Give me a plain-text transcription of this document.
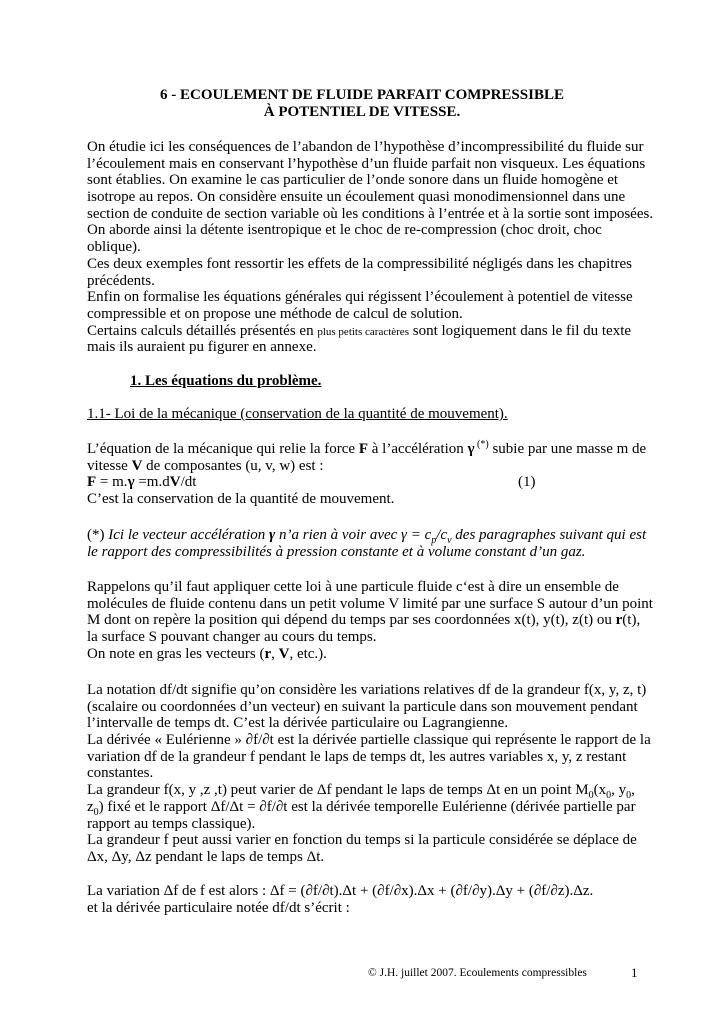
6 - ECOULEMENT DE FLUIDE PARFAIT COMPRESSIBLE
À POTENTIEL DE VITESSE.
On étudie ici les conséquences de l’abandon de l’hypothèse d’incompressibilité du fluide sur
l’écoulement mais en conservant l’hypothèse d’un fluide parfait non visqueux. Les équations
sont établies. On examine le cas particulier de l’onde sonore dans un fluide homogène et
isotrope au repos. On considère ensuite un écoulement quasi monodimensionnel dans une
section de conduite de section variable où les conditions à l’entrée et à la sortie sont imposées.
On aborde ainsi la détente isentropique et le choc de re-compression (choc droit, choc
oblique).
Ces deux exemples font ressortir les effets de la compressibilité négligés dans les chapitres
précédents.
Enfin on formalise les équations générales qui régissent l’écoulement à potentiel de vitesse
compressible et on propose une méthode de calcul de solution.
Certains calculs détaillés présentés en plus petits caractères sont logiquement dans le fil du texte
mais ils auraient pu figurer en annexe.
1. Les équations du problème.
1.1- Loi de la mécanique (conservation de la quantité de mouvement).
L’équation de la mécanique qui relie la force F à l’accélération γ (*) subie par une masse m de
vitesse V de composantes (u, v, w) est :
F = m.γ =m.dV/dt	(1)
C’est la conservation de la quantité de mouvement.
(*) Ici le vecteur accélération γ n’a rien à voir avec $\gamma = c_p/c_v$ des paragraphes suivant qui est
le rapport des compressibilités à pression constante et à volume constant d’un gaz.
Rappelons qu’il faut appliquer cette loi à une particule fluide c‘est à dire un ensemble de
molécules de fluide contenu dans un petit volume V limité par une surface S autour d’un point
M dont on repère la position qui dépend du temps par ses coordonnées x(t), y(t), z(t) ou r(t),
la surface S pouvant changer au cours du temps.
On note en gras les vecteurs (r, V, etc.).
La notation df/dt signifie qu’on considère les variations relatives df de la grandeur f(x, y, z, t)
(scalaire ou coordonnées d’un vecteur) en suivant la particule dans son mouvement pendant
l’intervalle de temps dt. C’est la dérivée particulaire ou Lagrangienne.
La dérivée « Eulérienne » ∂f/∂t est la dérivée partielle classique qui représente le rapport de la
variation df de la grandeur f pendant le laps de temps dt, les autres variables x, y, z restant
constantes.
La grandeur f(x, y ,z ,t) peut varier de Δf pendant le laps de temps Δt en un point $M_0(x_0$, $y_0$,
$z_0$) fixé et le rapport Δf/Δt = ∂f/∂t est la dérivée temporelle Eulérienne (dérivée partielle par
rapport au temps classique).
La grandeur f peut aussi varier en fonction du temps si la particule considérée se déplace de
Δx, Δy, Δz pendant le laps de temps Δt.
La variation Δf de f est alors : Δf = (∂f/∂t).Δt + (∂f/∂x).Δx + (∂f/∂y).Δy + (∂f/∂z).Δz.
et la dérivée particulaire notée df/dt s’écrit :
© J.H. juillet 2007. Ecoulements compressibles	1
